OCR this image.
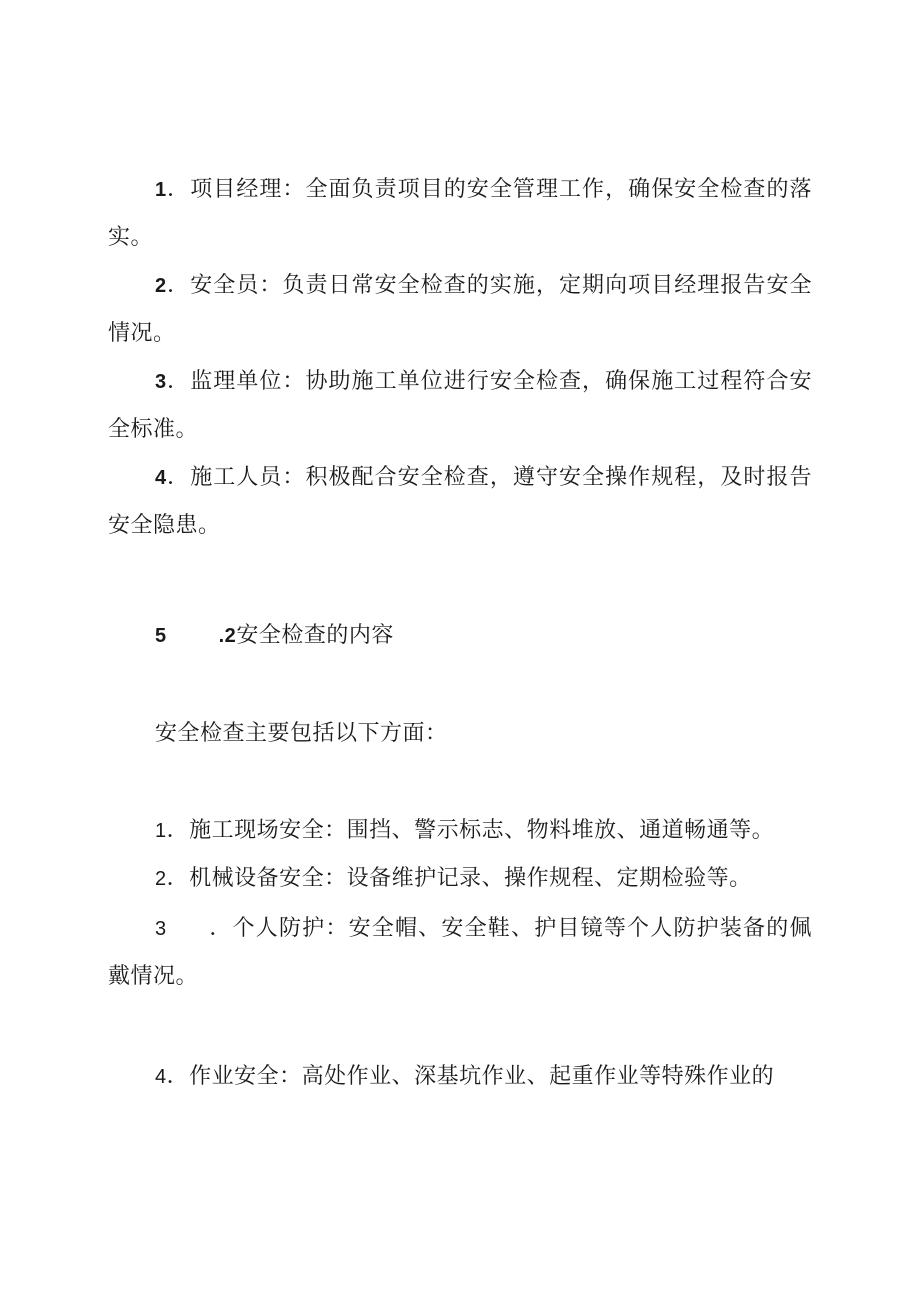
1．项目经理：全面负责项目的安全管理工作，确保安全检查的落
实。

2．安全员：负责日常安全检查的实施，定期向项目经理报告安全
情况。

3．监理单位：协助施工单位进行安全检查，确保施工过程符合安
全标准。

4．施工人员：积极配合安全检查，遵守安全操作规程，及时报告
安全隐患。

5	.2安全检查的内容

安全检查主要包括以下方面：

1．施工现场安全：围挡、警示标志、物料堆放、通道畅通等。

2．机械设备安全：设备维护记录、操作规程、定期检验等。

3 ．个人防护：安全帽、安全鞋、护目镜等个人防护装备的佩
戴情况。

4．作业安全：高处作业、深基坑作业、起重作业等特殊作业的
